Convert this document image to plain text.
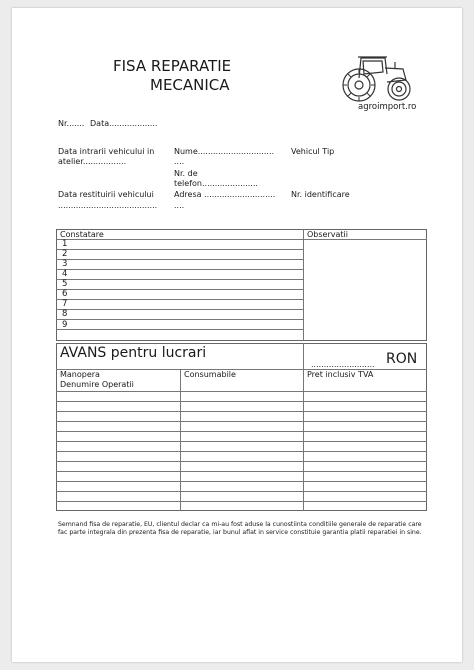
FISA REPARATIE
MECANICA
agroimport.ro
Nr....... Data...................
Data intrarii vehicului in
atelier.................
Nume..............................
....
Vehicul Tip
Nr. de
telefon......................
Data restituirii vehicului
.......................................
Adresa ............................
....
Nr. identificare
Constatare	Observatii
1
2
3
4
5
6
7
8
9
AVANS pentru lucrari
......................... RON
Manopera
Denumire Operatii
Consumabile	Pret inclusiv TVA
Semnand fisa de reparatie, EU, clientul declar ca mi-au fost aduse la cunostiinta conditiile generale de reparatie care fac parte integrala din prezenta fisa de reparatie, iar bunul aflat in service constituie garantia platii reparatiei in sine.
